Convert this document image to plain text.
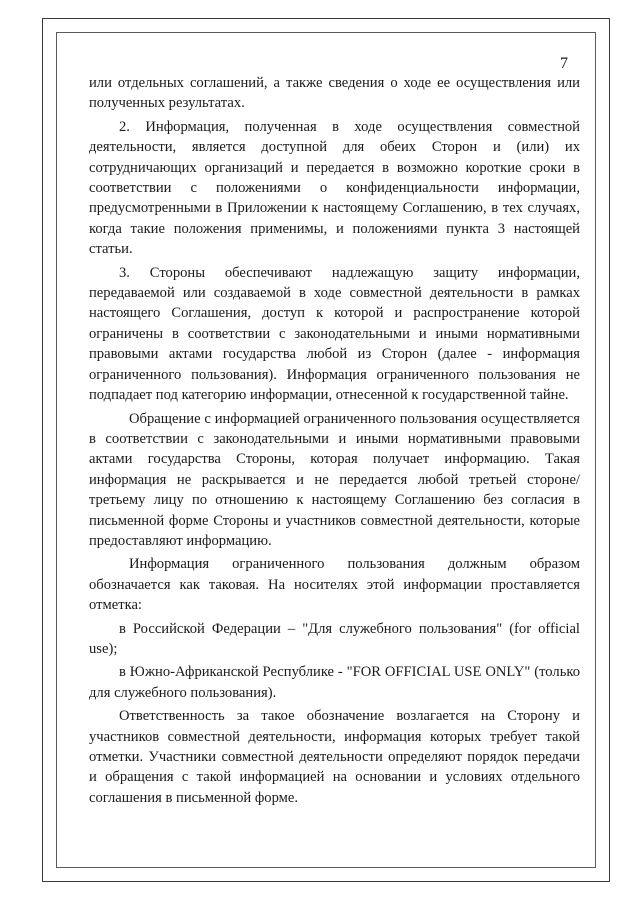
7

или отдельных соглашений, а также сведения о ходе ее осуществления или полученных результатах.

2. Информация, полученная в ходе осуществления совместной деятельности, является доступной для обеих Сторон и (или) их сотрудничающих организаций и передается в возможно короткие сроки в соответствии с положениями о конфиденциальности информации, предусмотренными в Приложении к настоящему Соглашению, в тех случаях, когда такие положения применимы, и положениями пункта 3 настоящей статьи.

3. Стороны обеспечивают надлежащую защиту информации, передаваемой или создаваемой в ходе совместной деятельности в рамках настоящего Соглашения, доступ к которой и распространение которой ограничены в соответствии с законодательными и иными нормативными правовыми актами государства любой из Сторон (далее - информация ограниченного пользования). Информация ограниченного пользования не подпадает под категорию информации, отнесенной к государственной тайне.

Обращение с информацией ограниченного пользования осуществляется в соответствии с законодательными и иными нормативными правовыми актами государства Стороны, которая получает информацию. Такая информация не раскрывается и не передается любой третьей стороне/третьему лицу по отношению к настоящему Соглашению без согласия в письменной форме Стороны и участников совместной деятельности, которые предоставляют информацию.

Информация ограниченного пользования должным образом обозначается как таковая. На носителях этой информации проставляется отметка:

в Российской Федерации – "Для служебного пользования" (for official use);

в Южно-Африканской Республике - "FOR OFFICIAL USE ONLY" (только для служебного пользования).

Ответственность за такое обозначение возлагается на Сторону и участников совместной деятельности, информация которых требует такой отметки. Участники совместной деятельности определяют порядок передачи и обращения с такой информацией на основании и условиях отдельного соглашения в письменной форме.
